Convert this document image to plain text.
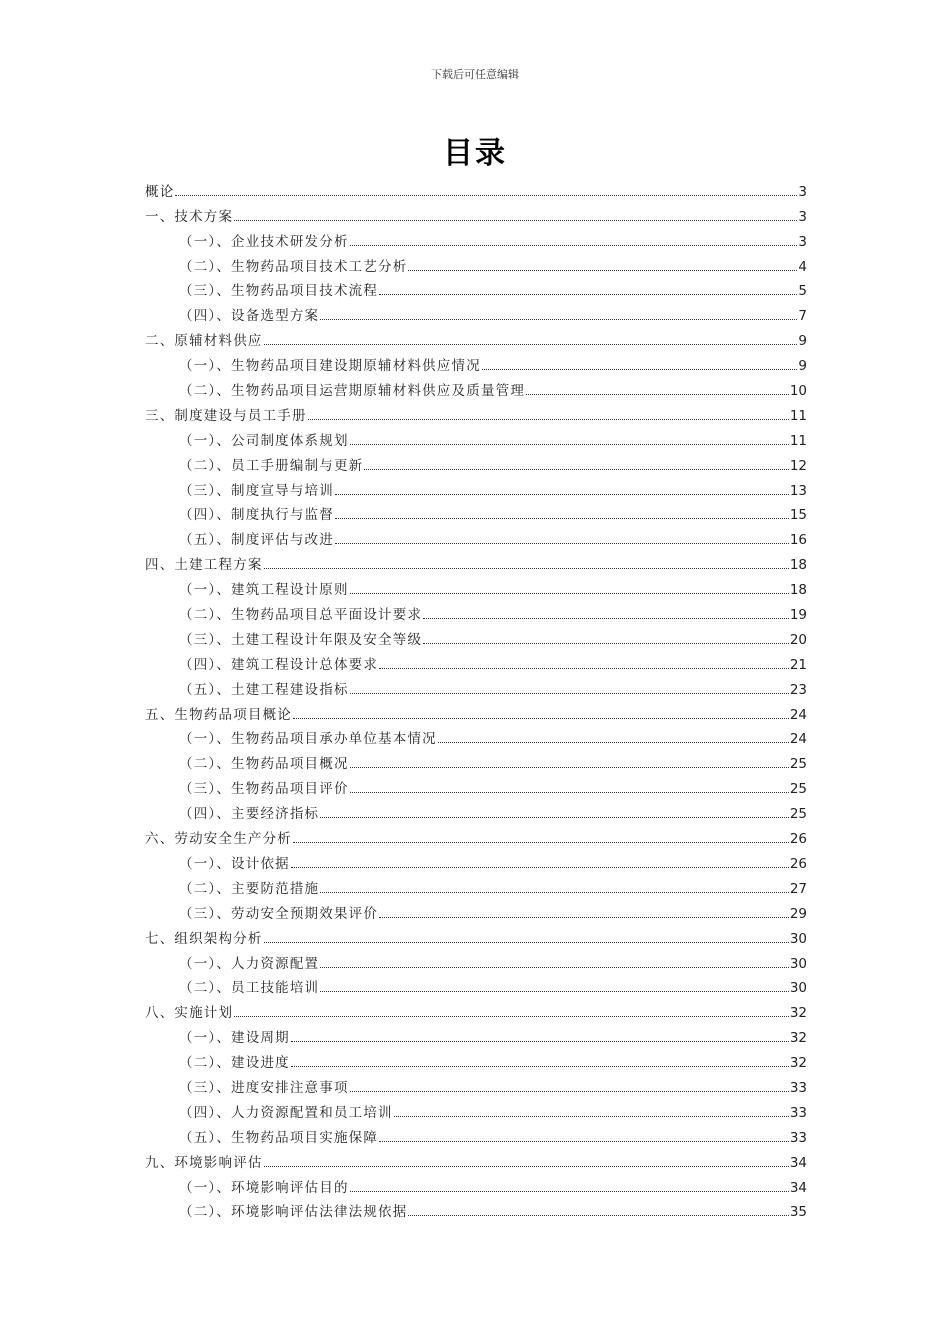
下载后可任意编辑
目录
概论	3
一、技术方案	3
（一）、企业技术研发分析	3
（二）、生物药品项目技术工艺分析	4
（三）、生物药品项目技术流程	5
（四）、设备选型方案	7
二、原辅材料供应	9
（一）、生物药品项目建设期原辅材料供应情况	9
（二）、生物药品项目运营期原辅材料供应及质量管理	10
三、制度建设与员工手册	11
（一）、公司制度体系规划	11
（二）、员工手册编制与更新	12
（三）、制度宣导与培训	13
（四）、制度执行与监督	15
（五）、制度评估与改进	16
四、土建工程方案	18
（一）、建筑工程设计原则	18
（二）、生物药品项目总平面设计要求	19
（三）、土建工程设计年限及安全等级	20
（四）、建筑工程设计总体要求	21
（五）、土建工程建设指标	23
五、生物药品项目概论	24
（一）、生物药品项目承办单位基本情况	24
（二）、生物药品项目概况	25
（三）、生物药品项目评价	25
（四）、主要经济指标	25
六、劳动安全生产分析	26
（一）、设计依据	26
（二）、主要防范措施	27
（三）、劳动安全预期效果评价	29
七、组织架构分析	30
（一）、人力资源配置	30
（二）、员工技能培训	30
八、实施计划	32
（一）、建设周期	32
（二）、建设进度	32
（三）、进度安排注意事项	33
（四）、人力资源配置和员工培训	33
（五）、生物药品项目实施保障	33
九、环境影响评估	34
（一）、环境影响评估目的	34
（二）、环境影响评估法律法规依据	35
